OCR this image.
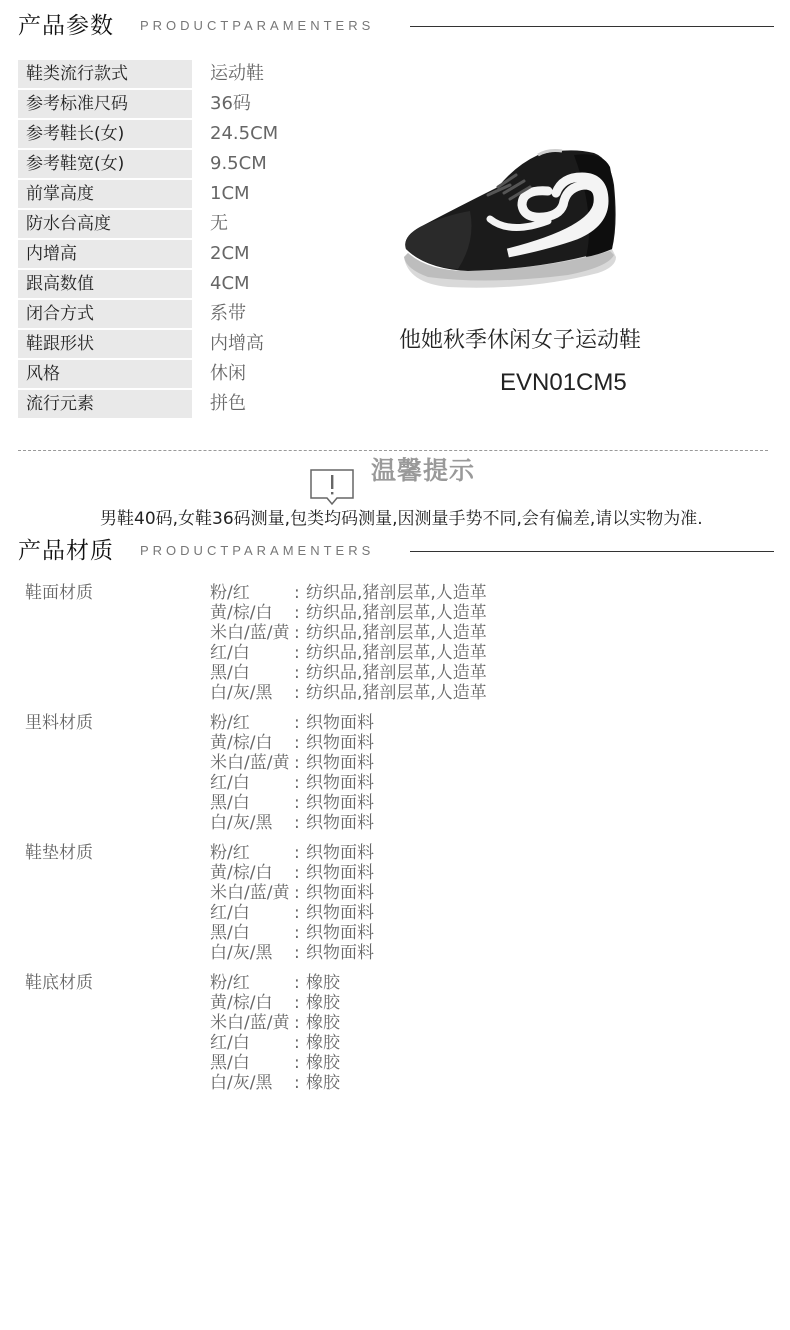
产品参数 PRODUCTPARAMENTERS
鞋类流行款式	运动鞋
参考标准尺码	36码
参考鞋长(女)	24.5CM
参考鞋宽(女)	9.5CM
前掌高度	1CM
防水台高度	无
内增高	2CM
跟高数值	4CM
闭合方式	系带
鞋跟形状	内增高
风格	休闲
流行元素	拼色
他她秋季休闲女子运动鞋
EVN01CM5
温馨提示
男鞋40码,女鞋36码测量,包类均码测量,因测量手势不同,会有偏差,请以实物为准.
产品材质 PRODUCTPARAMENTERS
鞋面材质	粉/红	: 纺织品,猪剖层革,人造革
黄/棕/白 : 纺织品,猪剖层革,人造革
米白/蓝/黄 : 纺织品,猪剖层革,人造革
红/白	: 纺织品,猪剖层革,人造革
黑/白	: 纺织品,猪剖层革,人造革
白/灰/黑 : 纺织品,猪剖层革,人造革
里料材质	粉/红	: 织物面料
黄/棕/白 : 织物面料
米白/蓝/黄 : 织物面料
红/白	: 织物面料
黑/白	: 织物面料
白/灰/黑 : 织物面料
鞋垫材质	粉/红	: 织物面料
黄/棕/白 : 织物面料
米白/蓝/黄 : 织物面料
红/白	: 织物面料
黑/白	: 织物面料
白/灰/黑 : 织物面料
鞋底材质	粉/红	: 橡胶
黄/棕/白 : 橡胶
米白/蓝/黄 : 橡胶
红/白	: 橡胶
黑/白	: 橡胶
白/灰/黑 : 橡胶
